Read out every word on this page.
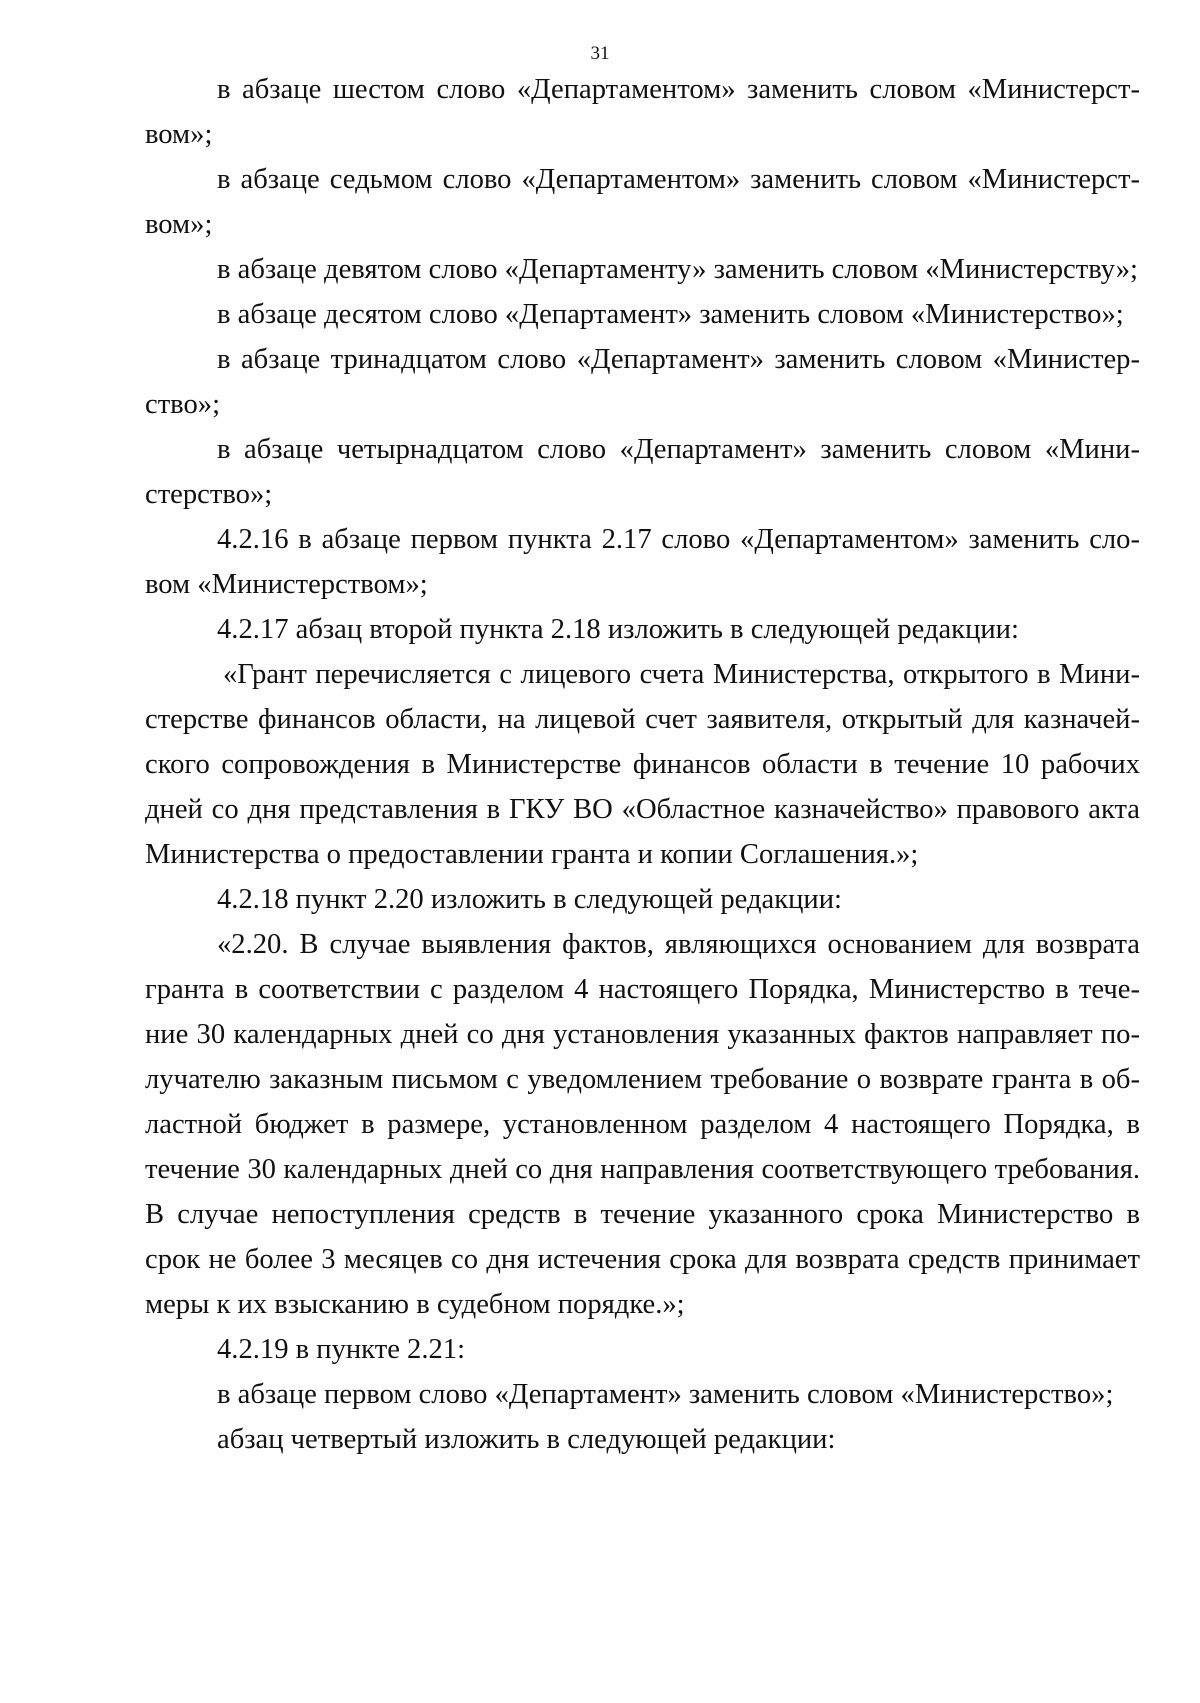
31

в абзаце шестом слово «Департаментом» заменить словом «Министерством»;

в абзаце седьмом слово «Департаментом» заменить словом «Министерством»;

в абзаце девятом слово «Департаменту» заменить словом «Министерству»;

в абзаце десятом слово «Департамент» заменить словом «Министерство»;

в абзаце тринадцатом слово «Департамент» заменить словом «Министерство»;

в абзаце четырнадцатом слово «Департамент» заменить словом «Министерство»;

4.2.16 в абзаце первом пункта 2.17 слово «Департаментом» заменить словом «Министерством»;

4.2.17 абзац второй пункта 2.18 изложить в следующей редакции:

«Грант перечисляется с лицевого счета Министерства, открытого в Министерстве финансов области, на лицевой счет заявителя, открытый для казначейского сопровождения в Министерстве финансов области в течение 10 рабочих дней со дня представления в ГКУ ВО «Областное казначейство» правового акта Министерства о предоставлении гранта и копии Соглашения.»;

4.2.18 пункт 2.20 изложить в следующей редакции:

«2.20. В случае выявления фактов, являющихся основанием для возврата гранта в соответствии с разделом 4 настоящего Порядка, Министерство в течение 30 календарных дней со дня установления указанных фактов направляет получателю заказным письмом с уведомлением требование о возврате гранта в областной бюджет в размере, установленном разделом 4 настоящего Порядка, в течение 30 календарных дней со дня направления соответствующего требования. В случае непоступления средств в течение указанного срока Министерство в срок не более 3 месяцев со дня истечения срока для возврата средств принимает меры к их взысканию в судебном порядке.»;

4.2.19 в пункте 2.21:

в абзаце первом слово «Департамент» заменить словом «Министерство»;

абзац четвертый изложить в следующей редакции:
